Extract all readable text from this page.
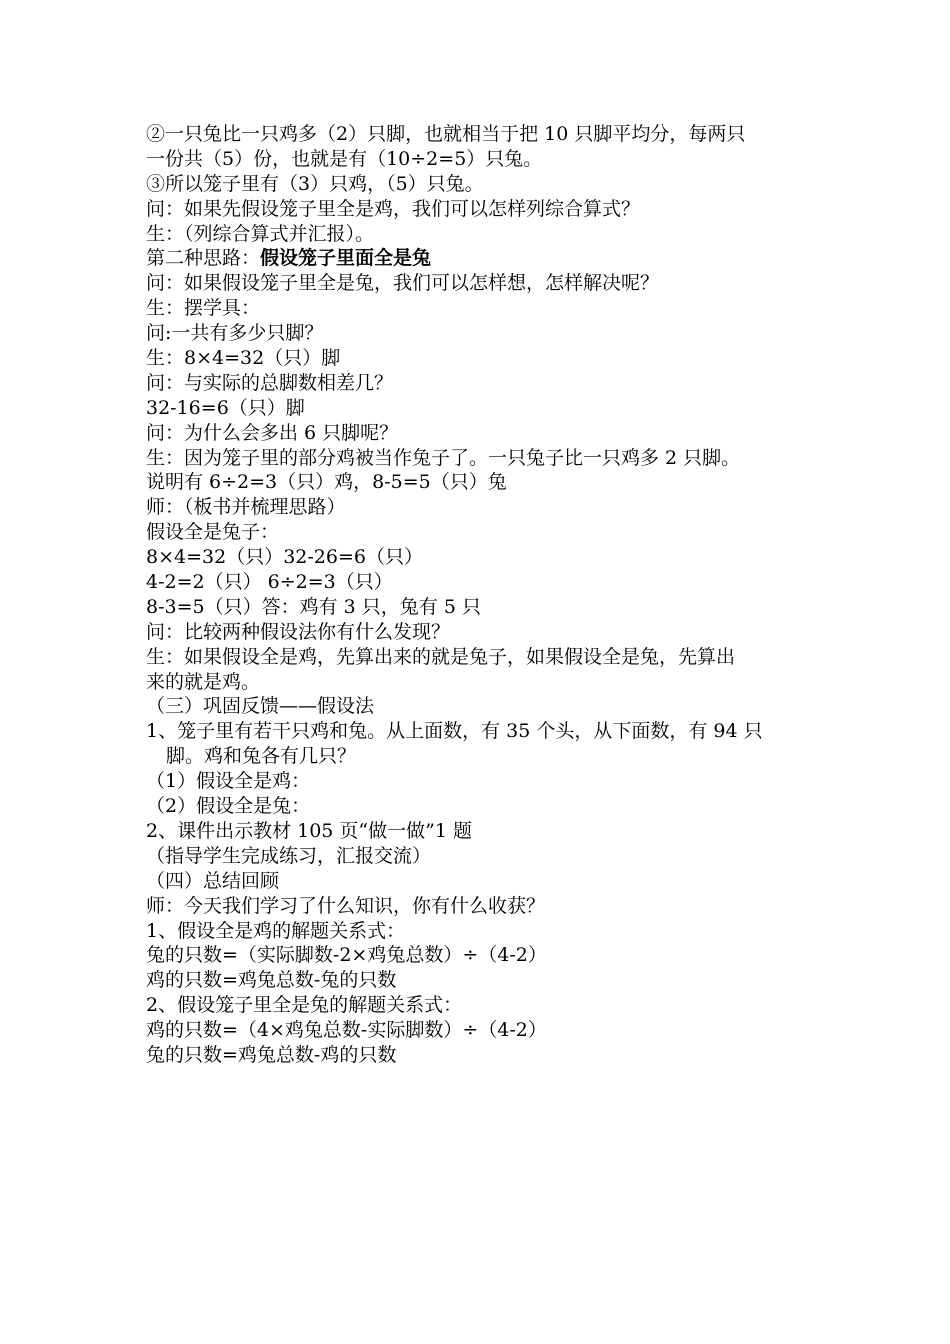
②一只兔比一只鸡多（2）只脚，也就相当于把 10 只脚平均分，每两只
一份共（5）份，也就是有（10÷2=5）只兔。
③所以笼子里有（3）只鸡，（5）只兔。
问：如果先假设笼子里全是鸡，我们可以怎样列综合算式？
生：（列综合算式并汇报）。
第二种思路：假设笼子里面全是兔
问：如果假设笼子里全是兔，我们可以怎样想，怎样解决呢？
生：摆学具：
问:一共有多少只脚？
生：8×4=32（只）脚
问：与实际的总脚数相差几？
32-16=6（只）脚
问：为什么会多出 6 只脚呢？
生：因为笼子里的部分鸡被当作兔子了。一只兔子比一只鸡多 2 只脚。
说明有 6÷2=3（只）鸡，8-5=5（只）兔
师：（板书并梳理思路）
假设全是兔子：
8×4=32（只）32-26=6（只）
4-2=2（只） 6÷2=3（只）
8-3=5（只）答：鸡有 3 只，兔有 5 只
问：比较两种假设法你有什么发现？
生：如果假设全是鸡，先算出来的就是兔子，如果假设全是兔，先算出
来的就是鸡。
（三）巩固反馈——假设法
1、笼子里有若干只鸡和兔。从上面数，有 35 个头，从下面数，有 94 只
脚。鸡和兔各有几只？
（1）假设全是鸡：
（2）假设全是兔：
2、课件出示教材 105 页“做一做”1 题
（指导学生完成练习，汇报交流）
（四）总结回顾
师：今天我们学习了什么知识，你有什么收获？
1、假设全是鸡的解题关系式：
兔的只数=（实际脚数-2×鸡兔总数）÷（4-2）
鸡的只数=鸡兔总数-兔的只数
2、假设笼子里全是兔的解题关系式：
鸡的只数=（4×鸡兔总数-实际脚数）÷（4-2）
兔的只数=鸡兔总数-鸡的只数
